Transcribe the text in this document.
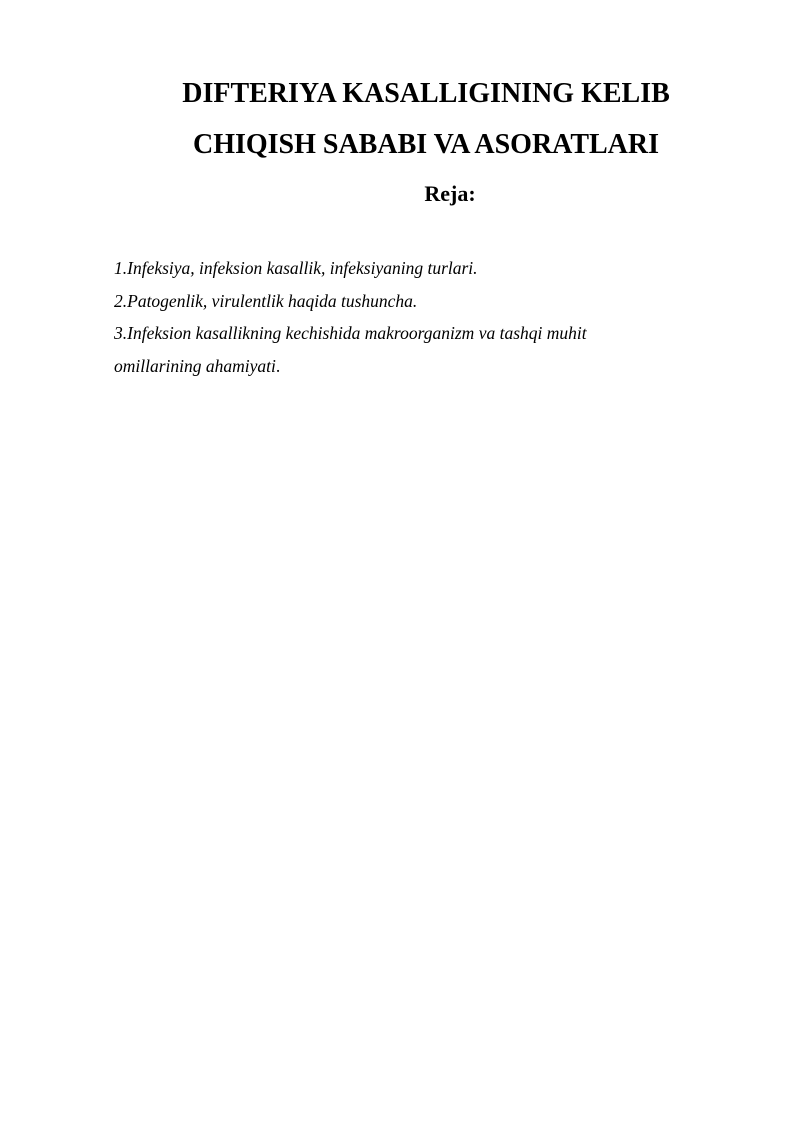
DIFTERIYA KASALLIGINING KELIB
CHIQISH SABABI VA ASORATLARI
Reja:
1.Infeksiya, infeksion kasallik, infeksiyaning turlari.
2.Patogenlik, virulentlik haqida tushuncha.
3.Infeksion kasallikning kechishida makroorganizm va tashqi muhit
omillarining ahamiyati.
